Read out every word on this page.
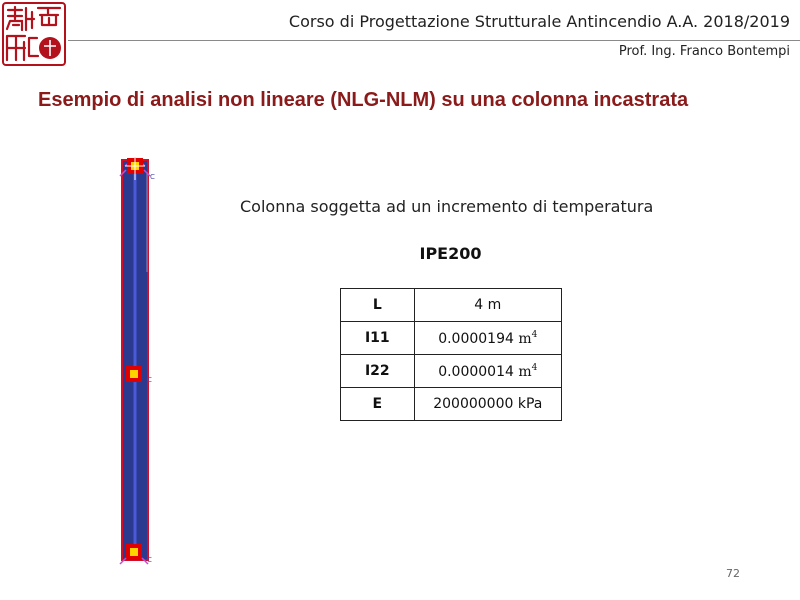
Corso di Progettazione Strutturale Antincendio A.A. 2018/2019
Prof. Ing. Franco Bontempi
Esempio di analisi non lineare (NLG-NLM) su una colonna incastrata
C
C
C
Colonna soggetta ad un incremento di temperatura
IPE200
L	4 m
I11	0.0000194 $m^4$
I22	0.0000014 $m^4$
E	200000000 kPa
72
